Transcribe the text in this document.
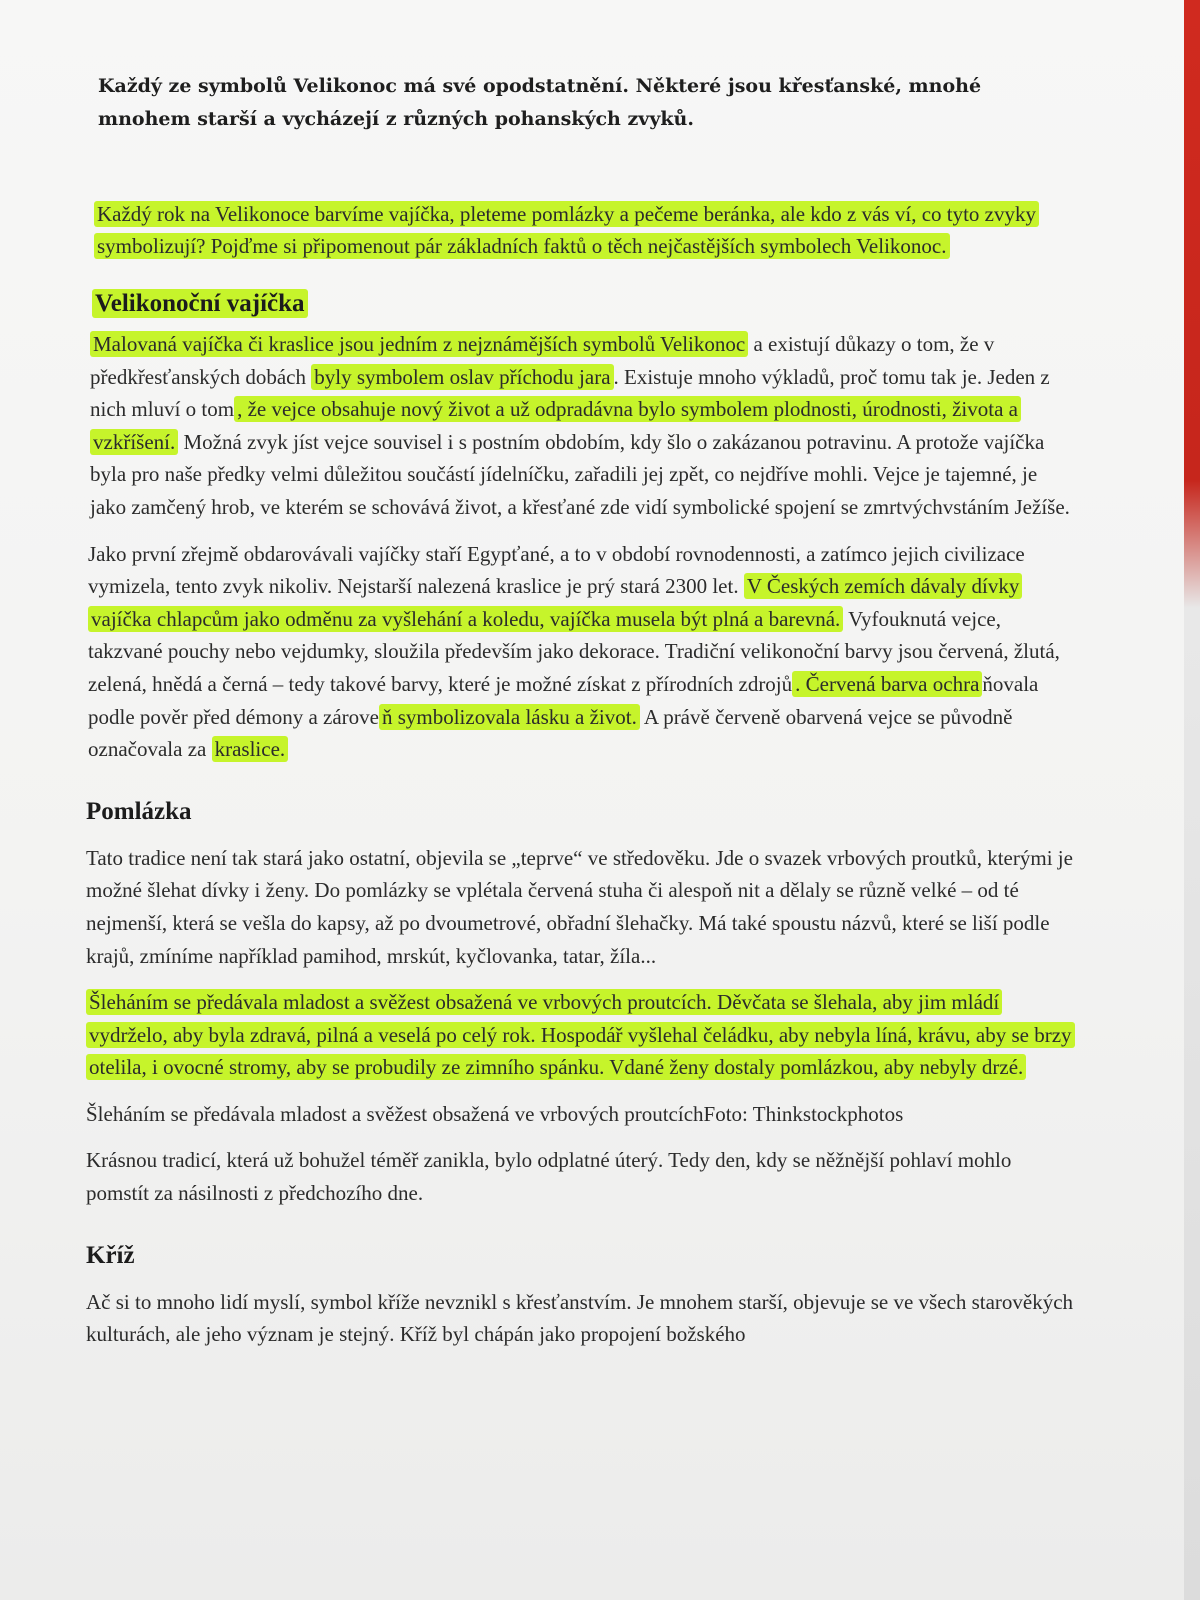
Každý ze symbolů Velikonoc má své opodstatnění. Některé jsou křesťanské, mnohé mnohem starší a vycházejí z různých pohanských zvyků.

Každý rok na Velikonoce barvíme vajíčka, pleteme pomlázky a pečeme beránka, ale kdo z vás ví, co tyto zvyky symbolizují? Pojďme si připomenout pár základních faktů o těch nejčastějších symbolech Velikonoc.

Velikonoční vajíčka

Malovaná vajíčka či kraslice jsou jedním z nejznámějších symbolů Velikonoc a existují důkazy o tom, že v předkřesťanských dobách byly symbolem oslav příchodu jara . Existuje mnoho výkladů, proč tomu tak je. Jeden z nich mluví o tom , že vejce obsahuje nový život a už odpradávna bylo symbolem plodnosti, úrodnosti, života a vzkříšení. Možná zvyk jíst vejce souvisel i s postním obdobím, kdy šlo o zakázanou potravinu. A protože vajíčka byla pro naše předky velmi důležitou součástí jídelníčku, zařadili jej zpět, co nejdříve mohli. Vejce je tajemné, je jako zamčený hrob, ve kterém se schovává život, a křesťané zde vidí symbolické spojení se zmrtvýchvstáním Ježíše.

Jako první zřejmě obdarovávali vajíčky staří Egypťané, a to v období rovnodennosti, a zatímco jejich civilizace vymizela, tento zvyk nikoliv. Nejstarší nalezená kraslice je prý stará 2300 let. V Českých zemích dávaly dívky vajíčka chlapcům jako odměnu za vyšlehání a koledu, vajíčka musela být plná a barevná. Vyfouknutá vejce, takzvané pouchy nebo vejdumky, sloužila především jako dekorace. Tradiční velikonoční barvy jsou červená, žlutá, zelená, hnědá a černá – tedy takové barvy, které je možné získat z přírodních zdrojů . Červená barva ochra ňovala podle pověr před démony a zárove ň symbolizovala lásku a život. A právě červeně obarvená vejce se původně označovala za kraslice.

Pomlázka

Tato tradice není tak stará jako ostatní, objevila se „teprve“ ve středověku. Jde o svazek vrbových proutků, kterými je možné šlehat dívky i ženy. Do pomlázky se vplétala červená stuha či alespoň nit a dělaly se různě velké – od té nejmenší, která se vešla do kapsy, až po dvoumetrové, obřadní šlehačky. Má také spoustu názvů, které se liší podle krajů, zmíníme například pamihod, mrskút, kyčlovanka, tatar, žíla...

Šleháním se předávala mladost a svěžest obsažená ve vrbových proutcích. Děvčata se šlehala, aby jim mládí vydrželo, aby byla zdravá, pilná a veselá po celý rok. Hospodář vyšlehal čeládku, aby nebyla líná, krávu, aby se brzy otelila, i ovocné stromy, aby se probudily ze zimního spánku. Vdané ženy dostaly pomlázkou, aby nebyly drzé.

Šleháním se předávala mladost a svěžest obsažená ve vrbových proutcíchFoto: Thinkstockphotos

Krásnou tradicí, která už bohužel téměř zanikla, bylo odplatné úterý. Tedy den, kdy se něžnější pohlaví mohlo pomstít za násilnosti z předchozího dne.

Kříž

Ač si to mnoho lidí myslí, symbol kříže nevznikl s křesťanstvím. Je mnohem starší, objevuje se ve všech starověkých kulturách, ale jeho význam je stejný. Kříž byl chápán jako propojení božského
